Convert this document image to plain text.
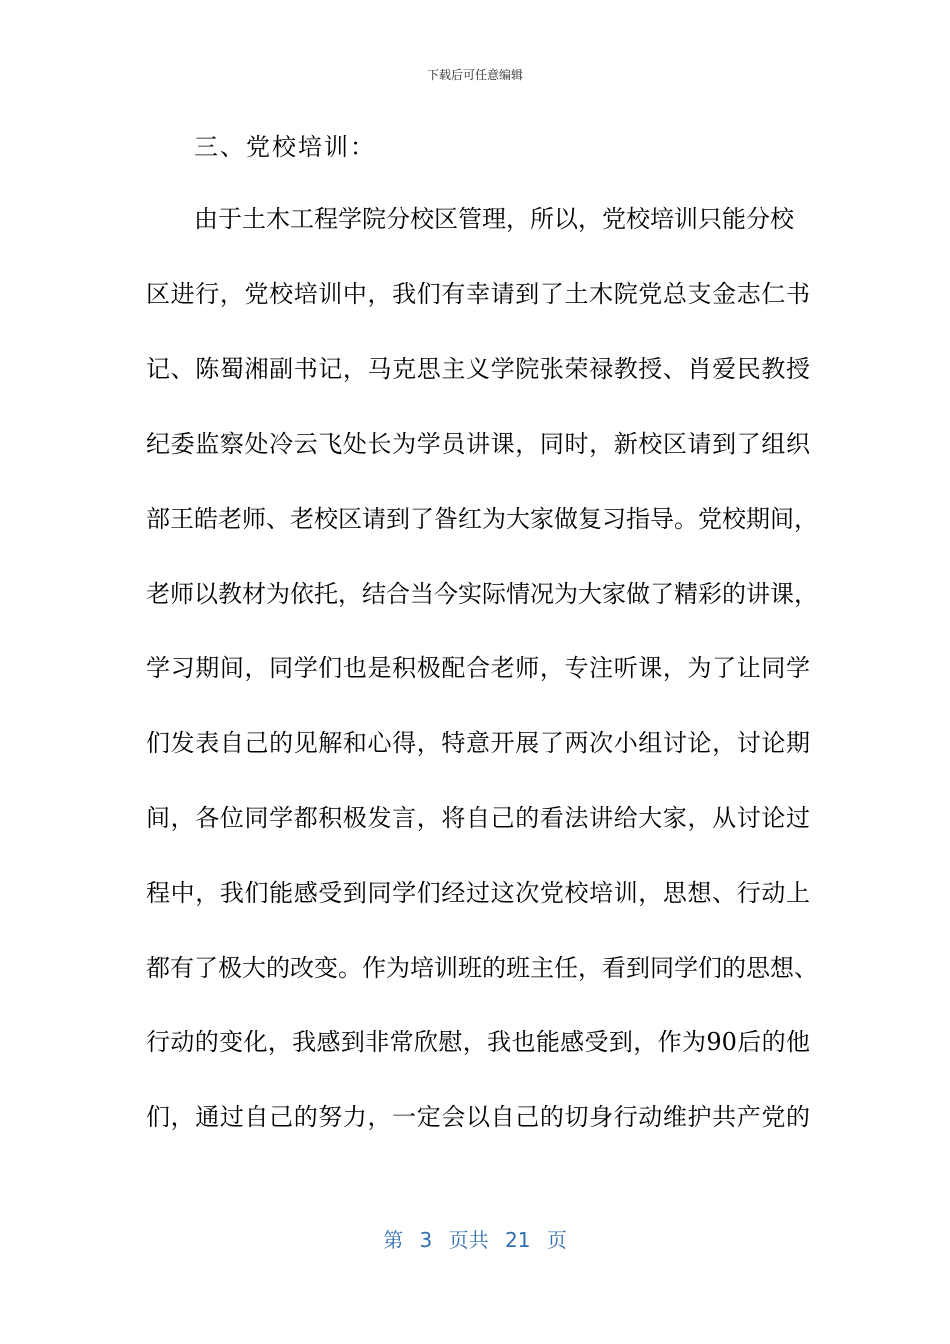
下载后可任意编辑
三、党校培训：
由于土木工程学院分校区管理，所以，党校培训只能分校
区进行，党校培训中，我们有幸请到了土木院党总支金志仁书
记、陈蜀湘副书记，马克思主义学院张荣禄教授、肖爱民教授
纪委监察处冷云飞处长为学员讲课，同时，新校区请到了组织
部王皓老师、老校区请到了昝红为大家做复习指导。党校期间，
老师以教材为依托，结合当今实际情况为大家做了精彩的讲课，
学习期间，同学们也是积极配合老师，专注听课，为了让同学
们发表自己的见解和心得，特意开展了两次小组讨论，讨论期
间，各位同学都积极发言，将自己的看法讲给大家，从讨论过
程中，我们能感受到同学们经过这次党校培训，思想、行动上
都有了极大的改变。作为培训班的班主任，看到同学们的思想、
行动的变化，我感到非常欣慰，我也能感受到，作为90后的他
们，通过自己的努力，一定会以自己的切身行动维护共产党的
第 3 页共 21 页
